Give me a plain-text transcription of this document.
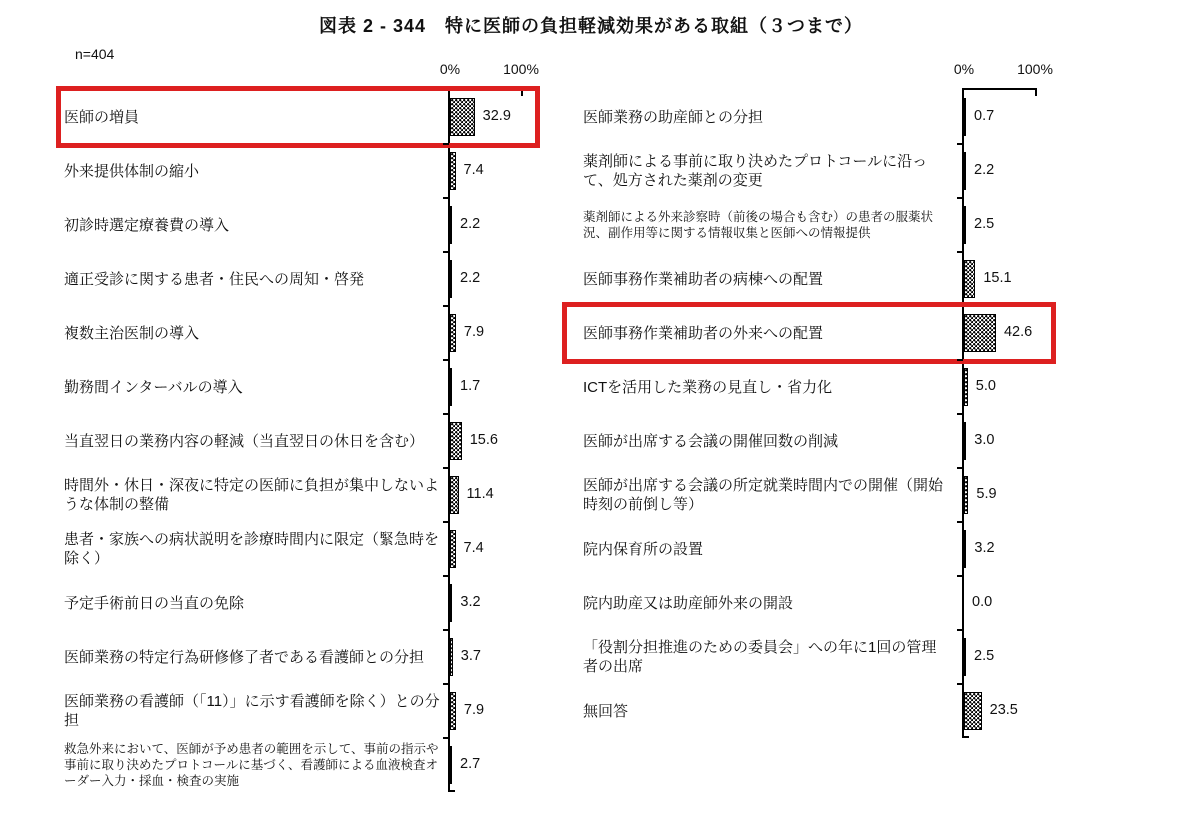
図表 2 - 344　特に医師の負担軽減効果がある取組（３つまで）
n=404
0%	100%
医師の増員	32.9
外来提供体制の縮小	7.4
初診時選定療養費の導入	2.2
適正受診に関する患者・住民への周知・啓発	2.2
複数主治医制の導入	7.9
勤務間インターバルの導入	1.7
当直翌日の業務内容の軽減（当直翌日の休日を含む）	15.6
時間外・休日・深夜に特定の医師に負担が集中しないような体制の整備
11.4
患者・家族への病状説明を診療時間内に限定（緊急時を除く）
7.4
予定手術前日の当直の免除	3.2
医師業務の特定行為研修修了者である看護師との分担	3.7
医師業務の看護師（「11）」に示す看護師を除く）との分担
7.9
救急外来において、医師が予め患者の範囲を示して、事前の指示や事前に取り決めたプロトコールに基づく、看護師による血液検査オーダー入力・採血・検査の実施
2.7
0%	100%
医師業務の助産師との分担	0.7
薬剤師による事前に取り決めたプロトコールに沿って、処方された薬剤の変更
2.2
薬剤師による外来診察時（前後の場合も含む）の患者の服薬状況、副作用等に関する情報収集と医師への情報提供
2.5
医師事務作業補助者の病棟への配置	15.1
医師事務作業補助者の外来への配置	42.6
ICTを活用した業務の見直し・省力化	5.0
医師が出席する会議の開催回数の削減	3.0
医師が出席する会議の所定就業時間内での開催（開始時刻の前倒し等）
5.9
院内保育所の設置	3.2
院内助産又は助産師外来の開設	0.0
「役割分担推進のための委員会」への年に1回の管理者の出席
2.5
無回答	23.5
